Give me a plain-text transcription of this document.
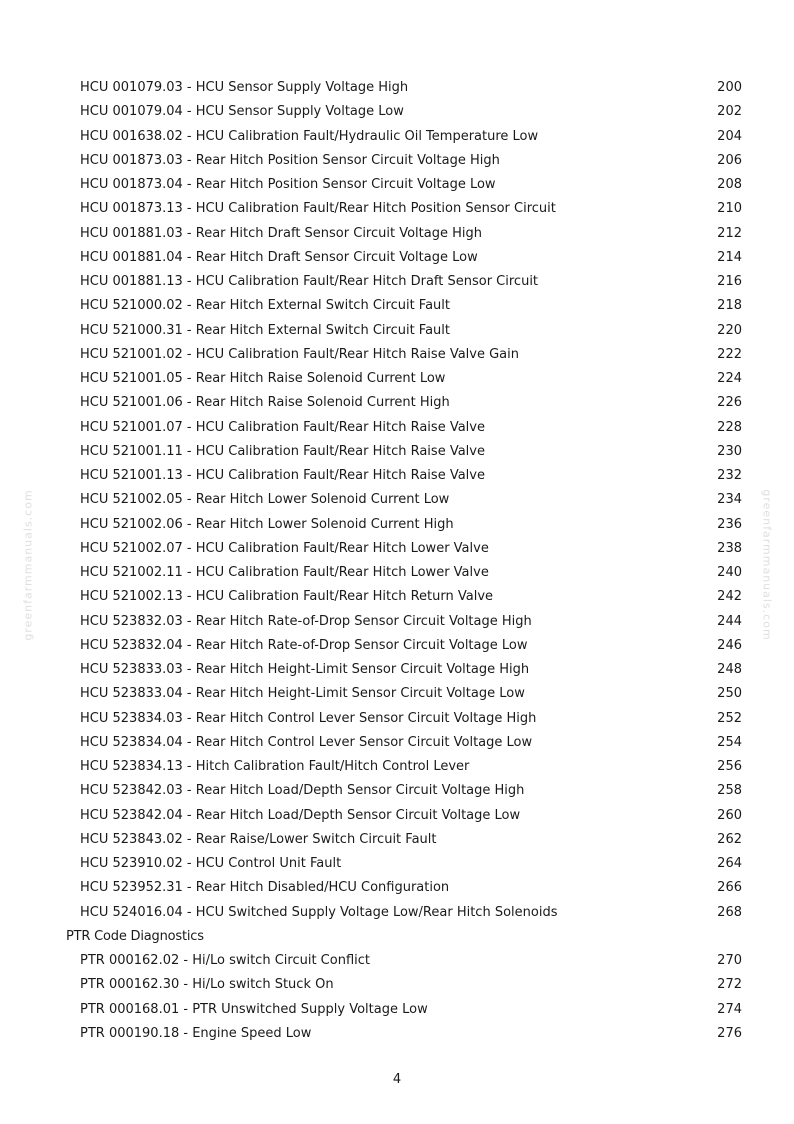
HCU 001079.03 - HCU Sensor Supply Voltage High	200
HCU 001079.04 - HCU Sensor Supply Voltage Low	202
HCU 001638.02 - HCU Calibration Fault/Hydraulic Oil Temperature Low	204
HCU 001873.03 - Rear Hitch Position Sensor Circuit Voltage High	206
HCU 001873.04 - Rear Hitch Position Sensor Circuit Voltage Low	208
HCU 001873.13 - HCU Calibration Fault/Rear Hitch Position Sensor Circuit	210
HCU 001881.03 - Rear Hitch Draft Sensor Circuit Voltage High	212
HCU 001881.04 - Rear Hitch Draft Sensor Circuit Voltage Low	214
HCU 001881.13 - HCU Calibration Fault/Rear Hitch Draft Sensor Circuit	216
HCU 521000.02 - Rear Hitch External Switch Circuit Fault	218
HCU 521000.31 - Rear Hitch External Switch Circuit Fault	220
HCU 521001.02 - HCU Calibration Fault/Rear Hitch Raise Valve Gain	222
HCU 521001.05 - Rear Hitch Raise Solenoid Current Low	224
HCU 521001.06 - Rear Hitch Raise Solenoid Current High	226
HCU 521001.07 - HCU Calibration Fault/Rear Hitch Raise Valve	228
HCU 521001.11 - HCU Calibration Fault/Rear Hitch Raise Valve	230
HCU 521001.13 - HCU Calibration Fault/Rear Hitch Raise Valve	232
HCU 521002.05 - Rear Hitch Lower Solenoid Current Low	234
HCU 521002.06 - Rear Hitch Lower Solenoid Current High	236
HCU 521002.07 - HCU Calibration Fault/Rear Hitch Lower Valve	238
HCU 521002.11 - HCU Calibration Fault/Rear Hitch Lower Valve	240
HCU 521002.13 - HCU Calibration Fault/Rear Hitch Return Valve	242
HCU 523832.03 - Rear Hitch Rate-of-Drop Sensor Circuit Voltage High	244
HCU 523832.04 - Rear Hitch Rate-of-Drop Sensor Circuit Voltage Low	246
HCU 523833.03 - Rear Hitch Height-Limit Sensor Circuit Voltage High	248
HCU 523833.04 - Rear Hitch Height-Limit Sensor Circuit Voltage Low	250
HCU 523834.03 - Rear Hitch Control Lever Sensor Circuit Voltage High	252
HCU 523834.04 - Rear Hitch Control Lever Sensor Circuit Voltage Low	254
HCU 523834.13 - Hitch Calibration Fault/Hitch Control Lever	256
HCU 523842.03 - Rear Hitch Load/Depth Sensor Circuit Voltage High	258
HCU 523842.04 - Rear Hitch Load/Depth Sensor Circuit Voltage Low	260
HCU 523843.02 - Rear Raise/Lower Switch Circuit Fault	262
HCU 523910.02 - HCU Control Unit Fault	264
HCU 523952.31 - Rear Hitch Disabled/HCU Configuration	266
HCU 524016.04 - HCU Switched Supply Voltage Low/Rear Hitch Solenoids	268
PTR Code Diagnostics
PTR 000162.02 - Hi/Lo switch Circuit Conflict	270
PTR 000162.30 - Hi/Lo switch Stuck On	272
PTR 000168.01 - PTR Unswitched Supply Voltage Low	274
PTR 000190.18 - Engine Speed Low	276
greenfarmmanuals.com	greenfarmmanuals.com
4
